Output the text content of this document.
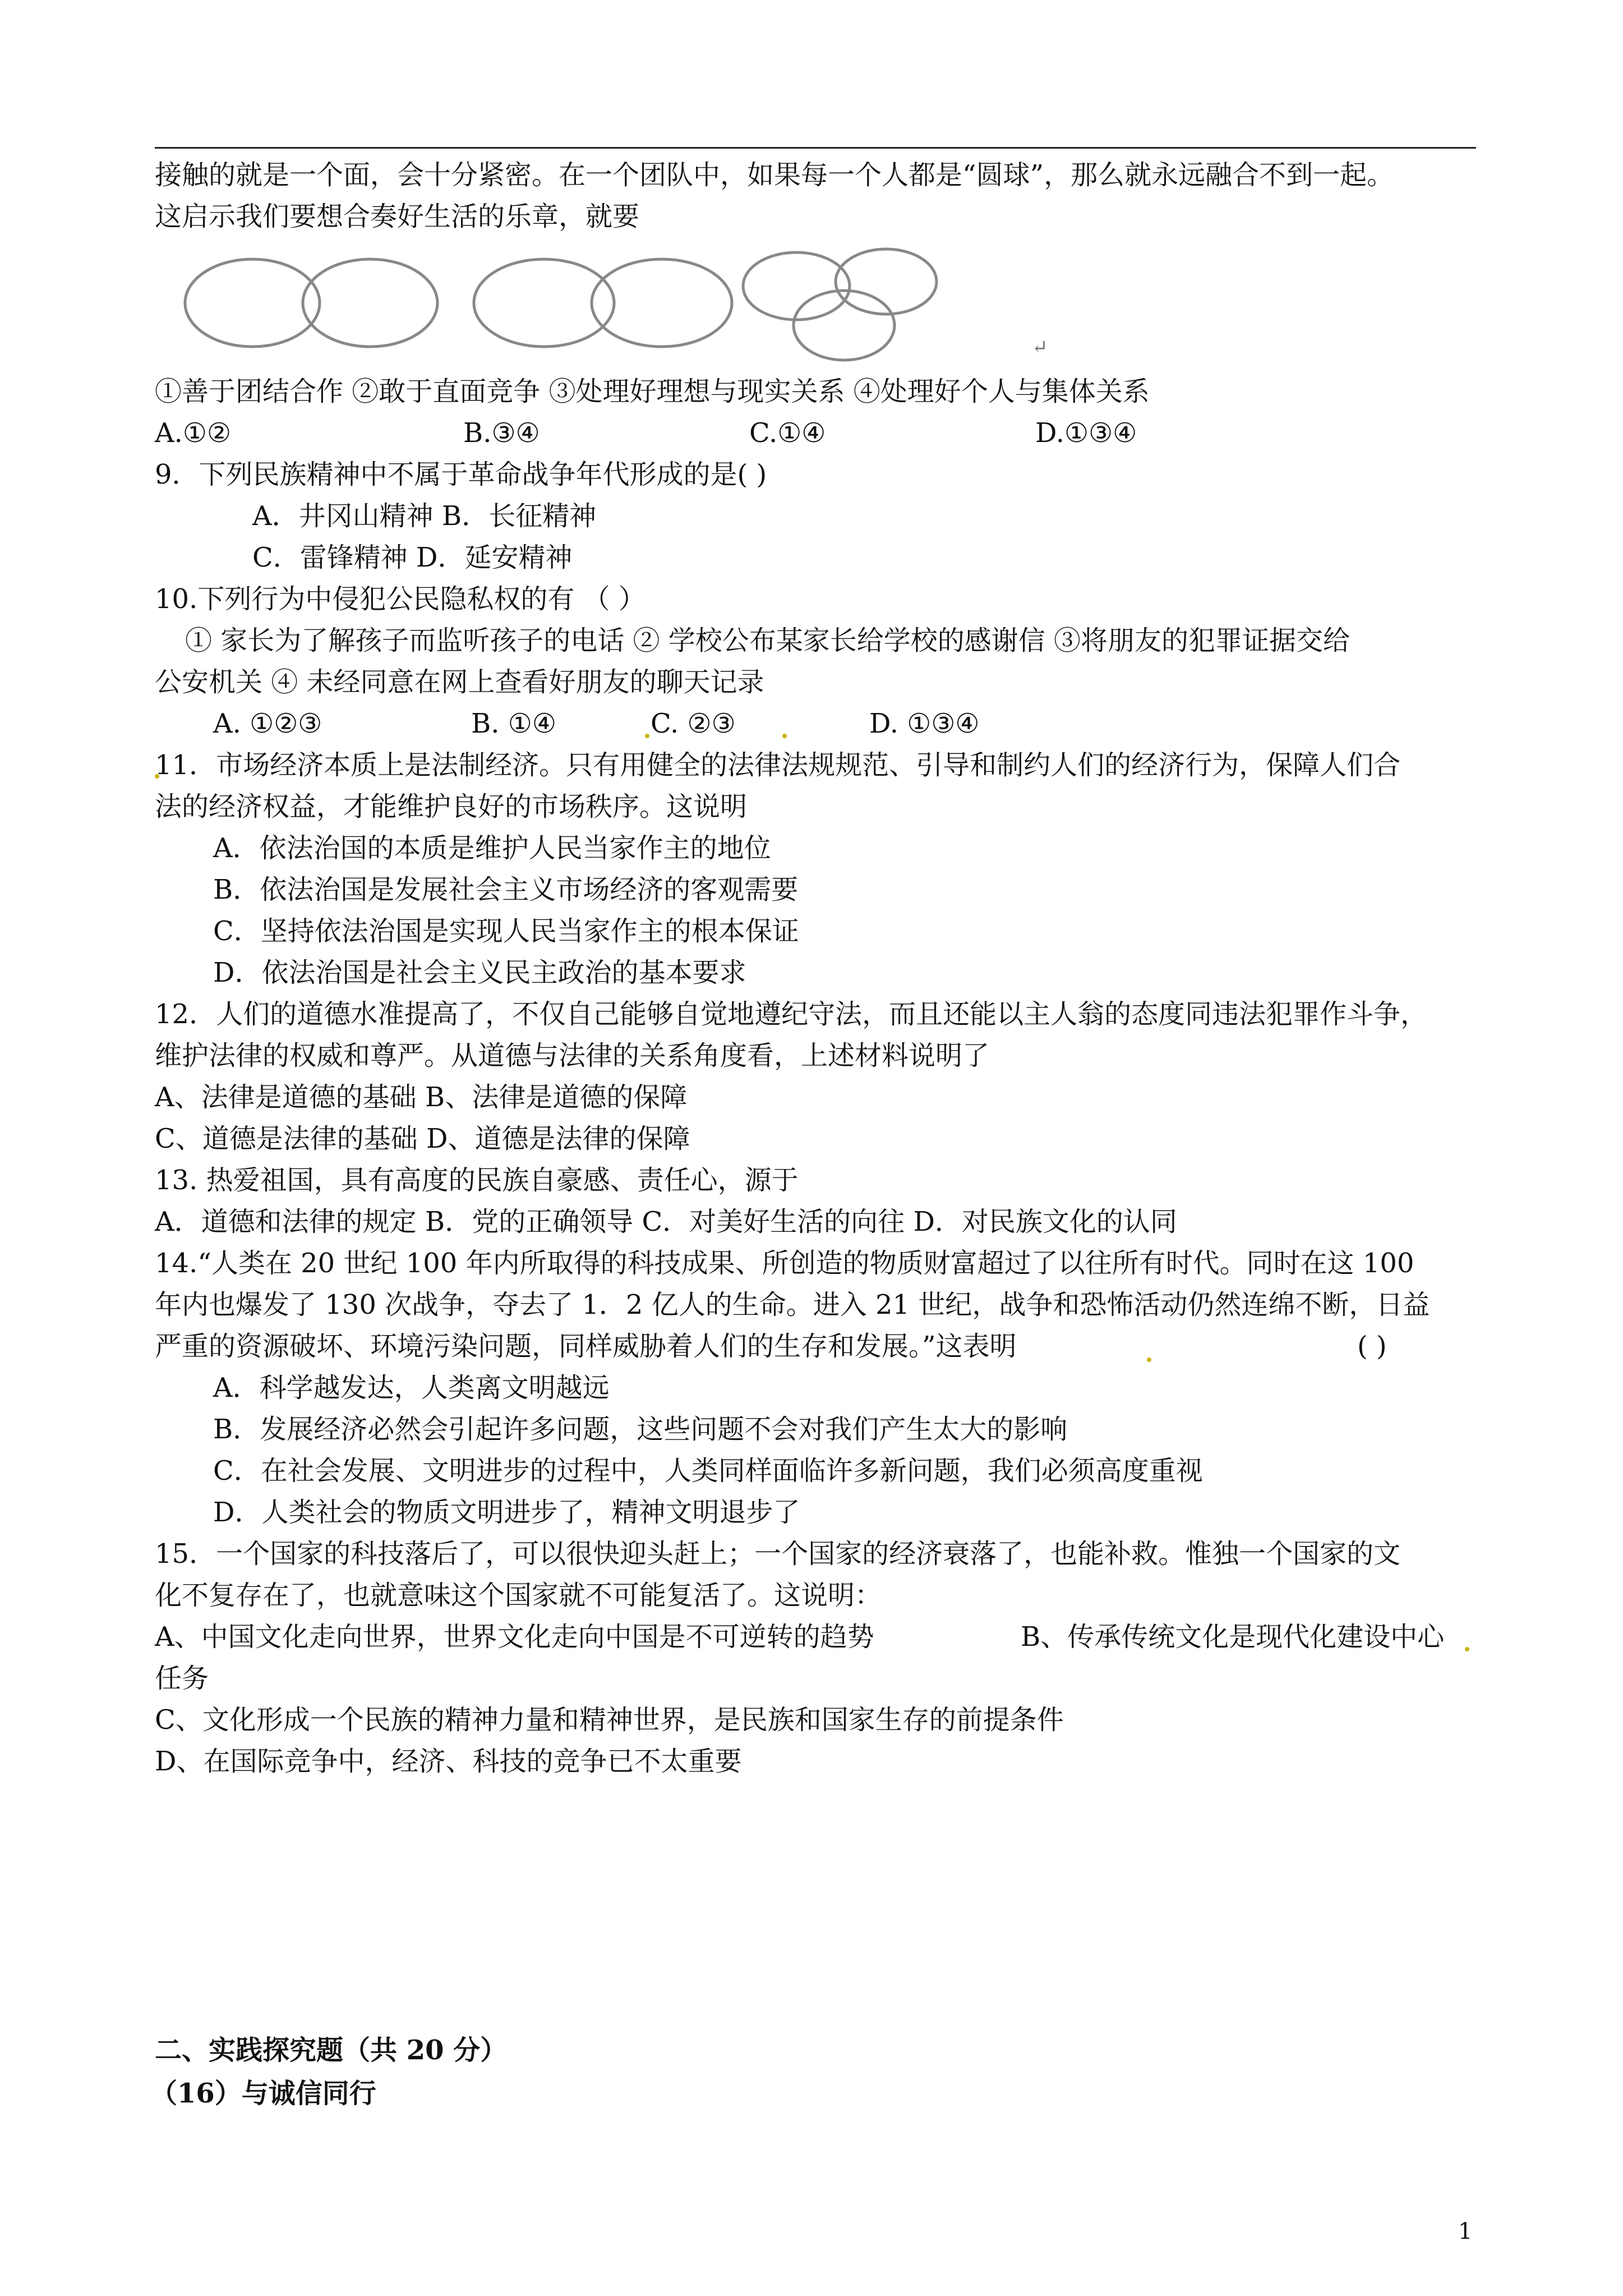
接触的就是一个面，会十分紧密。在一个团队中，如果每一个人都是“圆球”，那么就永远融合不到一起。
这启示我们要想合奏好生活的乐章，就要
↵
①善于团结合作 ②敢于直面竞争 ③处理好理想与现实关系 ④处理好个人与集体关系
A.①②	B.③④	C.①④	D.①③④
9．下列民族精神中不属于革命战争年代形成的是( )
A．井冈山精神 B．长征精神
C．雷锋精神 D．延安精神
10.下列行为中侵犯公民隐私权的有 （ ）
① 家长为了解孩子而监听孩子的电话 ② 学校公布某家长给学校的感谢信 ③将朋友的犯罪证据交给
公安机关 ④ 未经同意在网上查看好朋友的聊天记录
A. ①②③	B. ①④	C. ②③	D. ①③④
11．市场经济本质上是法制经济。只有用健全的法律法规规范、引导和制约人们的经济行为，保障人们合
法的经济权益，才能维护良好的市场秩序。这说明
A．依法治国的本质是维护人民当家作主的地位
B．依法治国是发展社会主义市场经济的客观需要
C．坚持依法治国是实现人民当家作主的根本保证
D．依法治国是社会主义民主政治的基本要求
12．人们的道德水准提高了，不仅自己能够自觉地遵纪守法，而且还能以主人翁的态度同违法犯罪作斗争，
维护法律的权威和尊严。从道德与法律的关系角度看，上述材料说明了
A、法律是道德的基础 B、法律是道德的保障
C、道德是法律的基础 D、道德是法律的保障
13. 热爱祖国，具有高度的民族自豪感、责任心，源于
A．道德和法律的规定 B．党的正确领导 C．对美好生活的向往 D．对民族文化的认同
14.“人类在 20 世纪 100 年内所取得的科技成果、所创造的物质财富超过了以往所有时代。同时在这 100
年内也爆发了 130 次战争，夺去了 1．2 亿人的生命。进入 21 世纪，战争和恐怖活动仍然连绵不断，日益
严重的资源破坏、环境污染问题，同样威胁着人们的生存和发展。”这表明	( )
A．科学越发达，人类离文明越远
B．发展经济必然会引起许多问题，这些问题不会对我们产生太大的影响
C．在社会发展、文明进步的过程中，人类同样面临许多新问题，我们必须高度重视
D．人类社会的物质文明进步了，精神文明退步了
15．一个国家的科技落后了，可以很快迎头赶上；一个国家的经济衰落了，也能补救。惟独一个国家的文
化不复存在了，也就意味这个国家就不可能复活了。这说明：
A、中国文化走向世界，世界文化走向中国是不可逆转的趋势	B、传承传统文化是现代化建设中心
任务
C、文化形成一个民族的精神力量和精神世界，是民族和国家生存的前提条件
D、在国际竞争中，经济、科技的竞争已不太重要
二、实践探究题（共 20 分）
（16）与诚信同行
1
